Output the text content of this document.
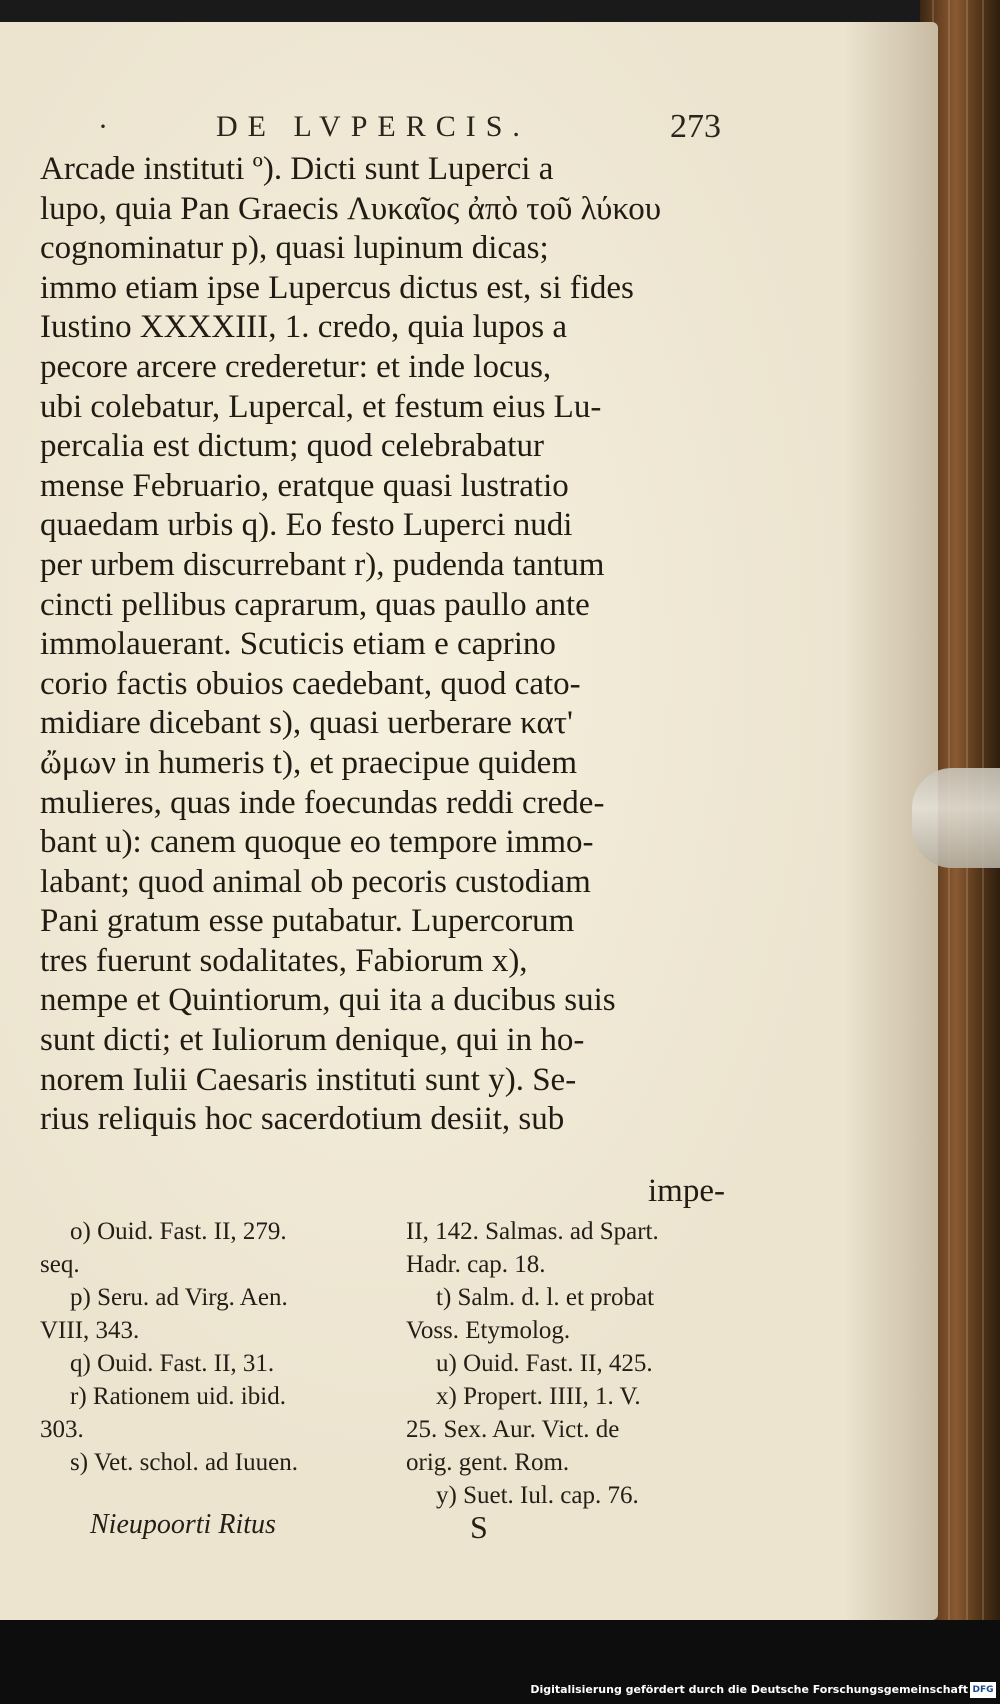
·	DE LVPERCIS.	273
Arcade instituti º). Dicti sunt Luperci a
lupo, quia Pan Graecis Λυκαῖος ἀπὸ τοῦ λύκου
cognominatur p), quasi lupinum dicas;
immo etiam ipse Lupercus dictus est, si fides
Iustino XXXXIII, 1. credo, quia lupos a
pecore arcere crederetur: et inde locus,
ubi colebatur, Lupercal, et festum eius Lu-
percalia est dictum; quod celebrabatur
mense Februario, eratque quasi lustratio
quaedam urbis q). Eo festo Luperci nudi
per urbem discurrebant r), pudenda tantum
cincti pellibus caprarum, quas paullo ante
immolauerant. Scuticis etiam e caprino
corio factis obuios caedebant, quod cato-
midiare dicebant s), quasi uerberare κατ'
ὤμων in humeris t), et praecipue quidem
mulieres, quas inde foecundas reddi crede-
bant u): canem quoque eo tempore immo-
labant; quod animal ob pecoris custodiam
Pani gratum esse putabatur. Lupercorum
tres fuerunt sodalitates, Fabiorum x),
nempe et Quintiorum, qui ita a ducibus suis
sunt dicti; et Iuliorum denique, qui in ho-
norem Iulii Caesaris instituti sunt y). Se-
rius reliquis hoc sacerdotium desiit, sub
impe-
o) Ouid. Fast. II, 279.
seq.
p) Seru. ad Virg. Aen.
VIII, 343.
q) Ouid. Fast. II, 31.
r) Rationem uid. ibid.
303.
s) Vet. schol. ad Iuuen.
II, 142. Salmas. ad Spart.
Hadr. cap. 18.
t) Salm. d. l. et probat
Voss. Etymolog.
u) Ouid. Fast. II, 425.
x) Propert. IIII, 1. V.
25. Sex. Aur. Vict. de
orig. gent. Rom.
y) Suet. Iul. cap. 76.
Nieupoorti Ritus	S
Digitalisierung gefördert durch die Deutsche Forschungsgemeinschaft DFG
